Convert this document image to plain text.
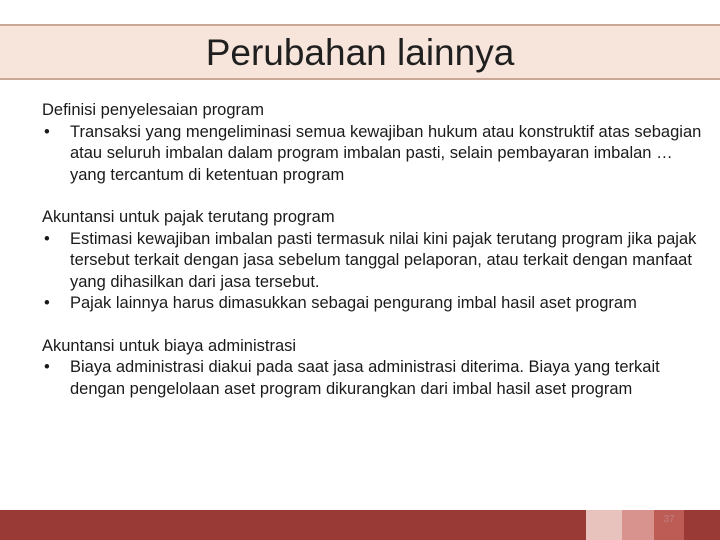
Perubahan lainnya

Definisi penyelesaian program

• Transaksi yang mengeliminasi semua kewajiban hukum atau konstruktif atas sebagian atau seluruh imbalan dalam program imbalan pasti, selain pembayaran imbalan … yang tercantum di ketentuan program

Akuntansi untuk pajak terutang program

• Estimasi kewajiban imbalan pasti termasuk nilai kini pajak terutang program jika pajak tersebut terkait dengan jasa sebelum tanggal pelaporan, atau terkait dengan manfaat yang dihasilkan dari jasa tersebut.
• Pajak lainnya harus dimasukkan sebagai pengurang imbal hasil aset program

Akuntansi untuk biaya administrasi

• Biaya administrasi diakui pada saat jasa administrasi diterima. Biaya yang terkait dengan pengelolaan aset program dikurangkan dari imbal hasil aset program
37
